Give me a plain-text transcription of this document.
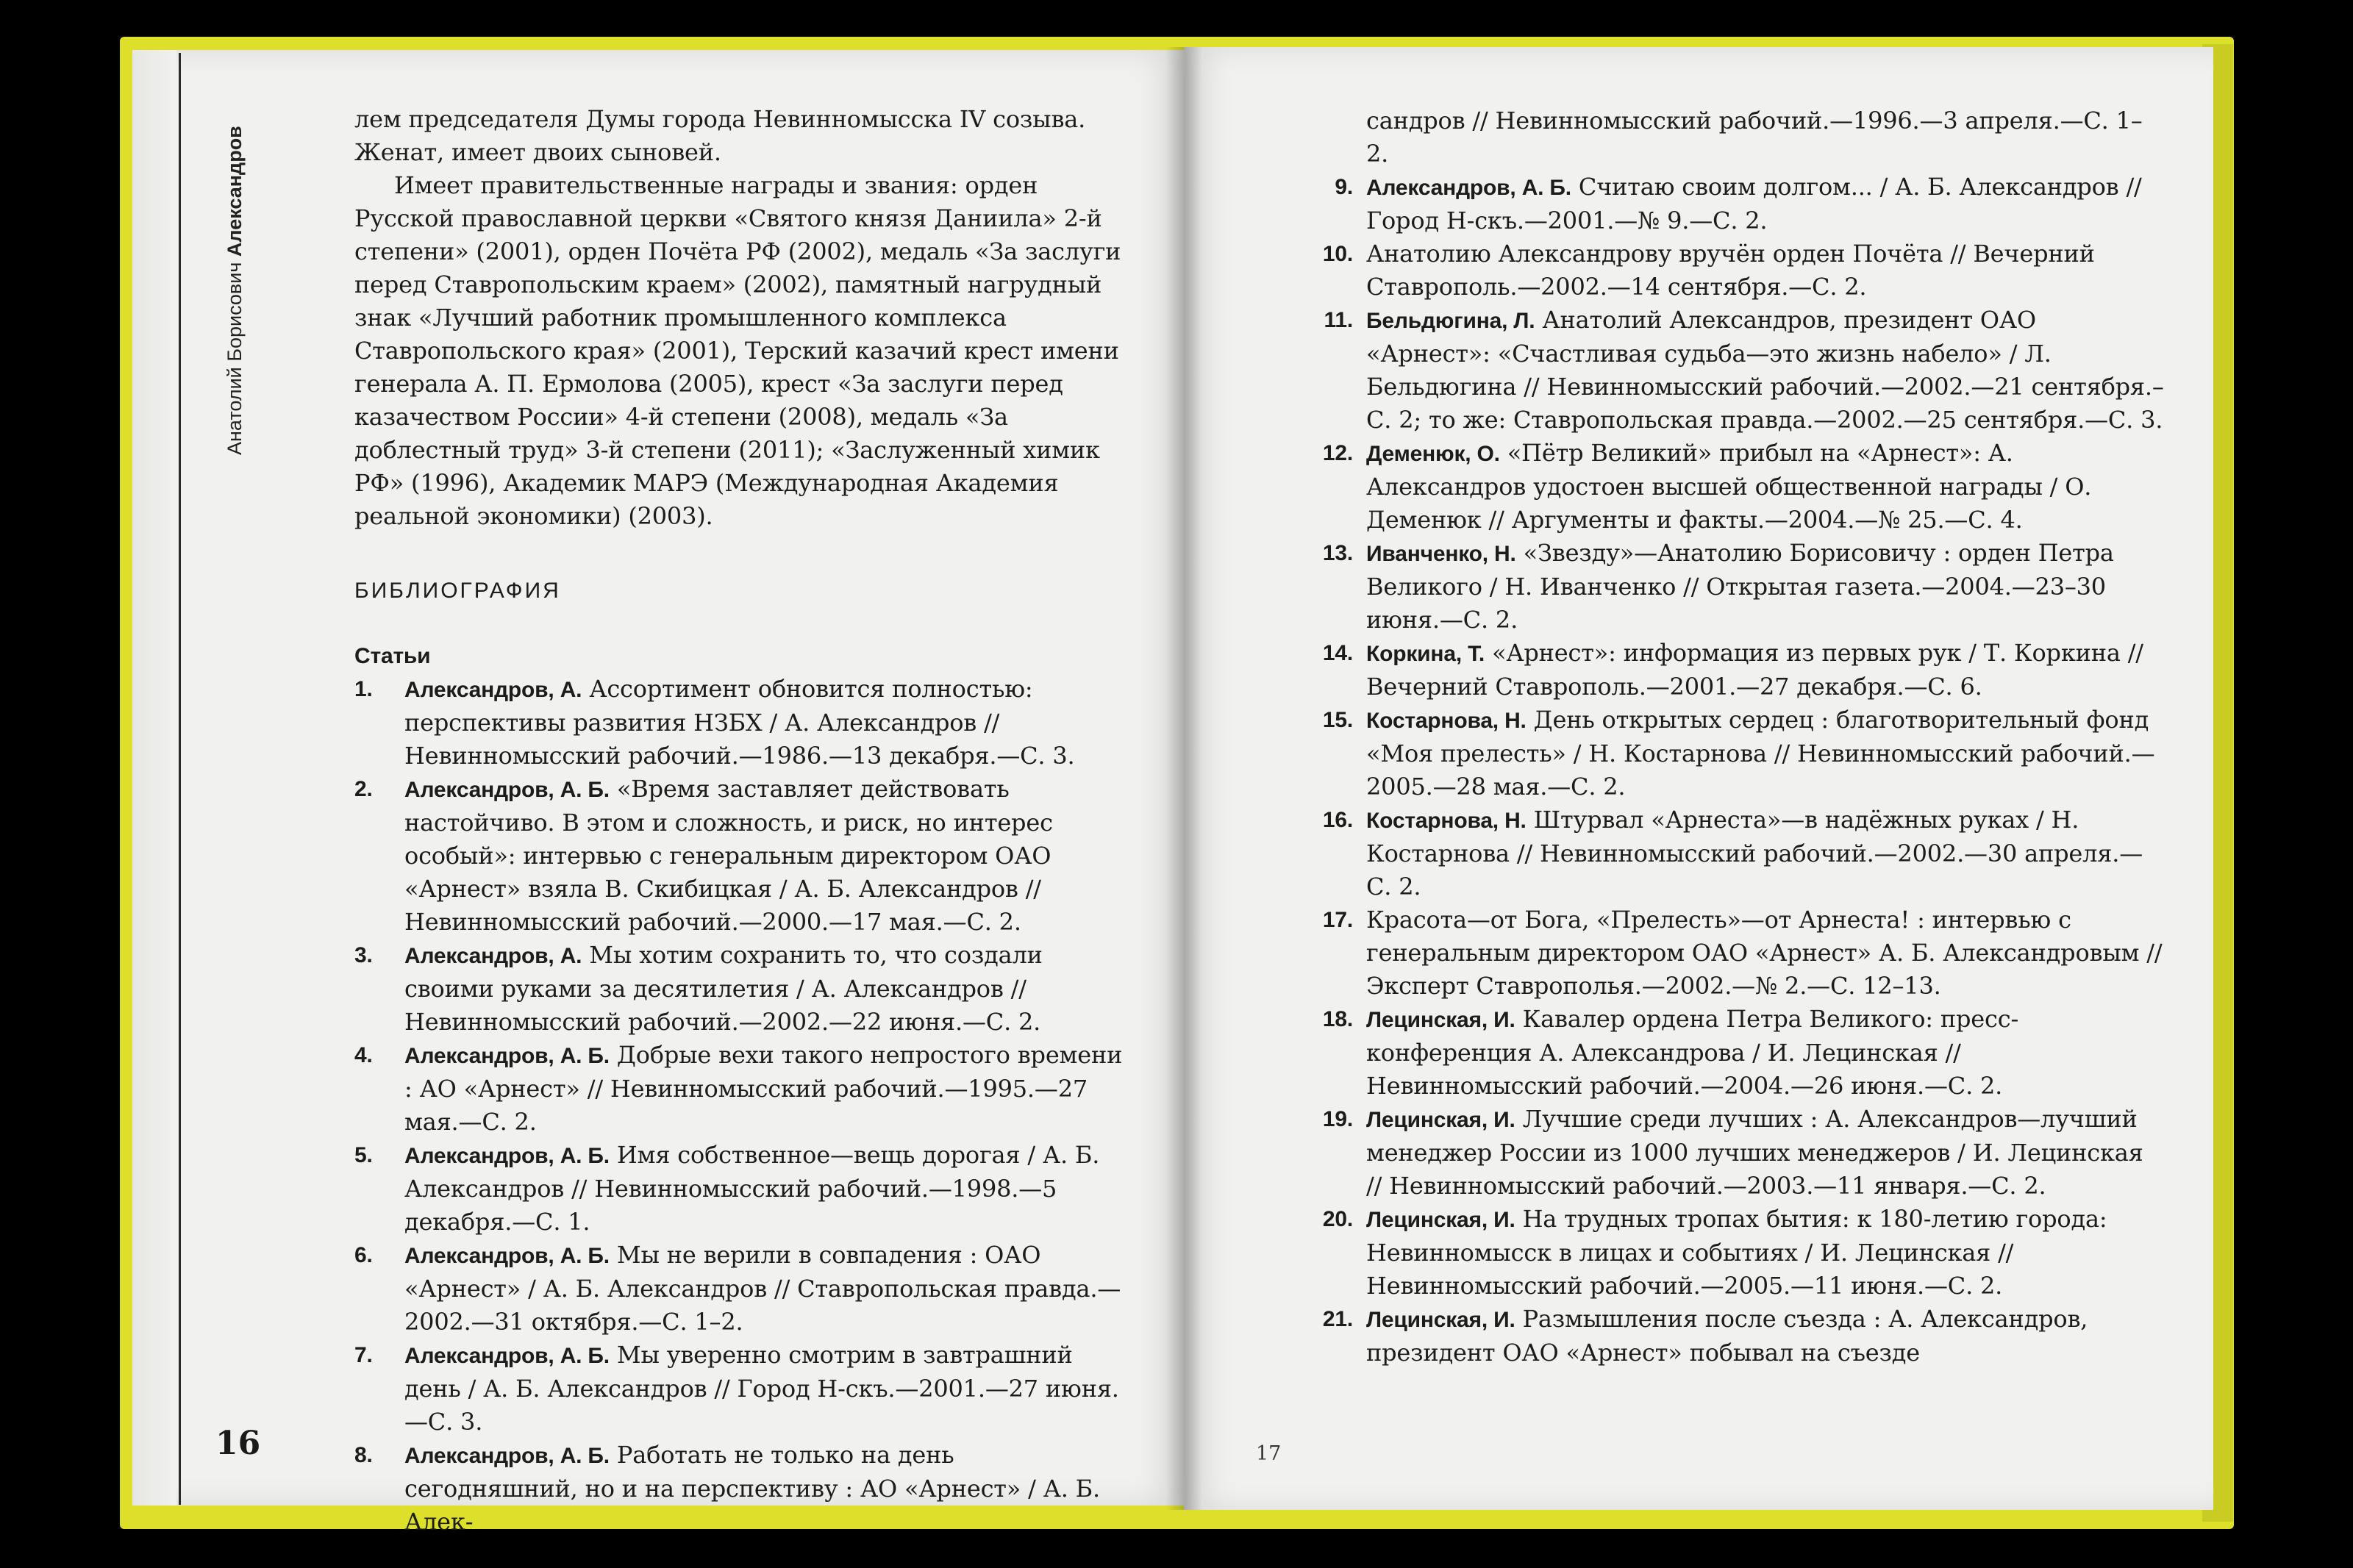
Анатолий Борисович Александров

лем председателя Думы города Невинномысска IV созыва. Женат, имеет двоих сыновей.

Имеет правительственные награды и звания: орден Русской православной церкви «Святого князя Даниила» 2-й степени» (2001), орден Почёта РФ (2002), медаль «За заслуги перед Ставропольским краем» (2002), памятный нагрудный знак «Лучший работник промышленного комплекса Ставропольского края» (2001), Терский казачий крест имени генерала А. П. Ермолова (2005), крест «За заслуги перед казачеством России» 4-й степени (2008), медаль «За доблестный труд» 3-й степени (2011); «Заслуженный химик РФ» (1996), Академик МАРЭ (Международная Академия реальной экономики) (2003).

БИБЛИОГРАФИЯ
Статьи

1. Александров, А. Ассортимент обновится полностью: перспективы развития НЗБХ / А. Александров //Невинномысский рабочий.—1986.—13 декабря.—С. 3.

2. Александров, А. Б. «Время заставляет действовать настойчиво. В этом и сложность, и риск, но интерес особый»: интервью с генеральным директором ОАО «Арнест» взяла В. Скибицкая / А. Б. Александров // Невинномысский рабочий.—2000.—17 мая.—С. 2.

3. Александров, А. Мы хотим сохранить то, что создали своими руками за десятилетия / А. Александров // Невинномысский рабочий.—2002.—22 июня.—С. 2.

4. Александров, А. Б. Добрые вехи такого непростого времени : АО «Арнест» // Невинномысский рабочий.—1995.—27 мая.—С. 2.

5. Александров, А. Б. Имя собственное—вещь дорогая / А. Б. Александров // Невинномысский рабочий.—1998.—5 декабря.—С. 1.

6. Александров, А. Б. Мы не верили в совпадения : ОАО «Арнест» / А. Б. Александров // Ставропольская правда.—2002.—31 октября.—С. 1–2.

7. Александров, А. Б. Мы уверенно смотрим в завтрашний день / А. Б. Александров // Город Н-скъ.—2001.—27 июня.—С. 3.

8. Александров, А. Б. Работать не только на день сегодняшний, но и на перспективу : АО «Арнест» / А. Б. Алек-

16

сандров // Невинномысский рабочий.—1996.—3 апреля.—С. 1–2.

9. Александров, А. Б. Считаю своим долгом... / А. Б. Александров // Город Н-скъ.—2001.—№ 9.—С. 2.

10. Анатолию Александрову вручён орден Почёта // Вечерний Ставрополь.—2002.—14 сентября.—С. 2.

11. Бельдюгина, Л. Анатолий Александров, президент ОАО «Арнест»: «Счастливая судьба—это жизнь набело» / Л. Бельдюгина // Невинномысский рабочий.—2002.—21 сентября.–С. 2; то же: Ставропольская правда.—2002.—25 сентября.—С. 3.

12. Деменюк, О. «Пётр Великий» прибыл на «Арнест»: А. Александров удостоен высшей общественной награды / О. Деменюк // Аргументы и факты.—2004.—№ 25.—С. 4.

13. Иванченко, Н. «Звезду»—Анатолию Борисовичу : орден Петра Великого / Н. Иванченко // Открытая газета.—2004.—23–30 июня.—С. 2.

14. Коркина, Т. «Арнест»: информация из первых рук / Т. Коркина // Вечерний Ставрополь.—2001.—27 декабря.—С. 6.

15. Костарнова, Н. День открытых сердец : благотворительный фонд «Моя прелесть» / Н. Костарнова // Невинномысский рабочий.—2005.—28 мая.—С. 2.

16. Костарнова, Н. Штурвал «Арнеста»—в надёжных руках / Н. Костарнова // Невинномысский рабочий.—2002.—30 апреля.—С. 2.

17. Красота—от Бога, «Прелесть»—от Арнеста! : интервью с генеральным директором ОАО «Арнест» А. Б. Александровым // Эксперт Ставрополья.—2002.—№ 2.—С. 12–13.

18. Лецинская, И. Кавалер ордена Петра Великого: пресс-конференция А. Александрова / И. Лецинская // Невинномысский рабочий.—2004.—26 июня.—С. 2.

19. Лецинская, И. Лучшие среди лучших : А. Александров—лучший менеджер России из 1000 лучших менеджеров / И. Лецинская // Невинномысский рабочий.—2003.—11 января.—С. 2.

20. Лецинская, И. На трудных тропах бытия: к 180-летию города: Невинномысск в лицах и событиях / И. Лецинская // Невинномысский рабочий.—2005.—11 июня.—С. 2.

21. Лецинская, И. Размышления после съезда : А. Александров, президент ОАО «Арнест» побывал на съезде

17
